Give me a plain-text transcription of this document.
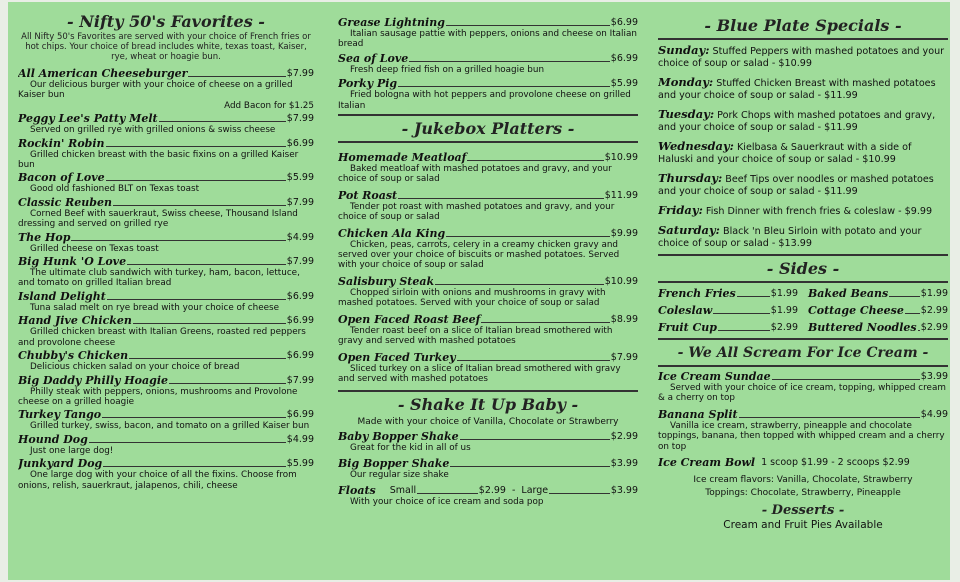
- Nifty 50's Favorites -
All Nifty 50's Favorites are served with your choice of French fries or hot chips. Your choice of bread includes white, texas toast, Kaiser, rye, wheat or hoagie bun.
All American Cheeseburger	$7.99
Our delicious burger with your choice of cheese on a grilled Kaiser bun
Add Bacon for $1.25
Peggy Lee's Patty Melt	$7.99
Served on grilled rye with grilled onions & swiss cheese
Rockin' Robin	$6.99
Grilled chicken breast with the basic fixins on a grilled Kaiser bun
Bacon of Love	$5.99
Good old fashioned BLT on Texas toast
Classic Reuben	$7.99
Corned Beef with sauerkraut, Swiss cheese, Thousand Island dressing and served on grilled rye
The Hop	$4.99
Grilled cheese on Texas toast
Big Hunk 'O Love	$7.99
The ultimate club sandwich with turkey, ham, bacon, lettuce, and tomato on grilled Italian bread
Island Delight	$6.99
Tuna salad melt on rye bread with your choice of cheese
Hand Jive Chicken	$6.99
Grilled chicken breast with Italian Greens, roasted red peppers and provolone cheese
Chubby's Chicken	$6.99
Delicious chicken salad on your choice of bread
Big Daddy Philly Hoagie	$7.99
Philly steak with peppers, onions, mushrooms and Provolone cheese on a grilled hoagie
Turkey Tango	$6.99
Grilled turkey, swiss, bacon, and tomato on a grilled Kaiser bun
Hound Dog	$4.99
Just one large dog!
Junkyard Dog	$5.99
One large dog with your choice of all the fixins. Choose from onions, relish, sauerkraut, jalapenos, chili, cheese
Grease Lightning	$6.99
Italian sausage pattie with peppers, onions and cheese on Italian bread
Sea of Love	$6.99
Fresh deep fried fish on a grilled hoagie bun
Porky Pig	$5.99
Fried bologna with hot peppers and provolone cheese on grilled Italian
- Jukebox Platters -
Homemade Meatloaf	$10.99
Baked meatloaf with mashed potatoes and gravy, and your choice of soup or salad
Pot Roast	$11.99
Tender pot roast with mashed potatoes and gravy, and your choice of soup or salad
Chicken Ala King	$9.99
Chicken, peas, carrots, celery in a creamy chicken gravy and served over your choice of biscuits or mashed potatoes. Served with your choice of soup or salad
Salisbury Steak	$10.99
Chopped sirloin with onions and mushrooms in gravy with mashed potatoes. Served with your choice of soup or salad
Open Faced Roast Beef	$8.99
Tender roast beef on a slice of Italian bread smothered with gravy and served with mashed potatoes
Open Faced Turkey	$7.99
Sliced turkey on a slice of Italian bread smothered with gravy and served with mashed potatoes
- Shake It Up Baby -
Made with your choice of Vanilla, Chocolate or Strawberry
Baby Bopper Shake	$2.99
Great for the kid in all of us
Big Bopper Shake	$3.99
Our regular size shake
Floats Small	$2.99 - Large	$3.99
With your choice of ice cream and soda pop
- Blue Plate Specials -
Sunday: Stuffed Peppers with mashed potatoes and your choice of soup or salad - $10.99
Monday: Stuffed Chicken Breast with mashed potatoes and your choice of soup or salad - $11.99
Tuesday: Pork Chops with mashed potatoes and gravy, and your choice of soup or salad - $11.99
Wednesday: Kielbasa & Sauerkraut with a side of Haluski and your choice of soup or salad - $10.99
Thursday: Beef Tips over noodles or mashed potatoes and your choice of soup or salad - $11.99
Friday: Fish Dinner with french fries & coleslaw - $9.99
Saturday: Black 'n Bleu Sirloin with potato and your choice of soup or salad - $13.99
- Sides -
French Fries	$1.99 Baked Beans	$1.99
Coleslaw	$1.99 Cottage Cheese $2.99
Fruit Cup	$2.99 Buttered Noodles $2.99
- We All Scream For Ice Cream -
Ice Cream Sundae	$3.99
Served with your choice of ice cream, topping, whipped cream & a cherry on top
Banana Split	$4.99
Vanilla ice cream, strawberry, pineapple and chocolate toppings, banana, then topped with whipped cream and a cherry on top
Ice Cream Bowl 1 scoop $1.99 - 2 scoops $2.99
Ice cream flavors: Vanilla, Chocolate, Strawberry
Toppings: Chocolate, Strawberry, Pineapple
- Desserts -
Cream and Fruit Pies Available
